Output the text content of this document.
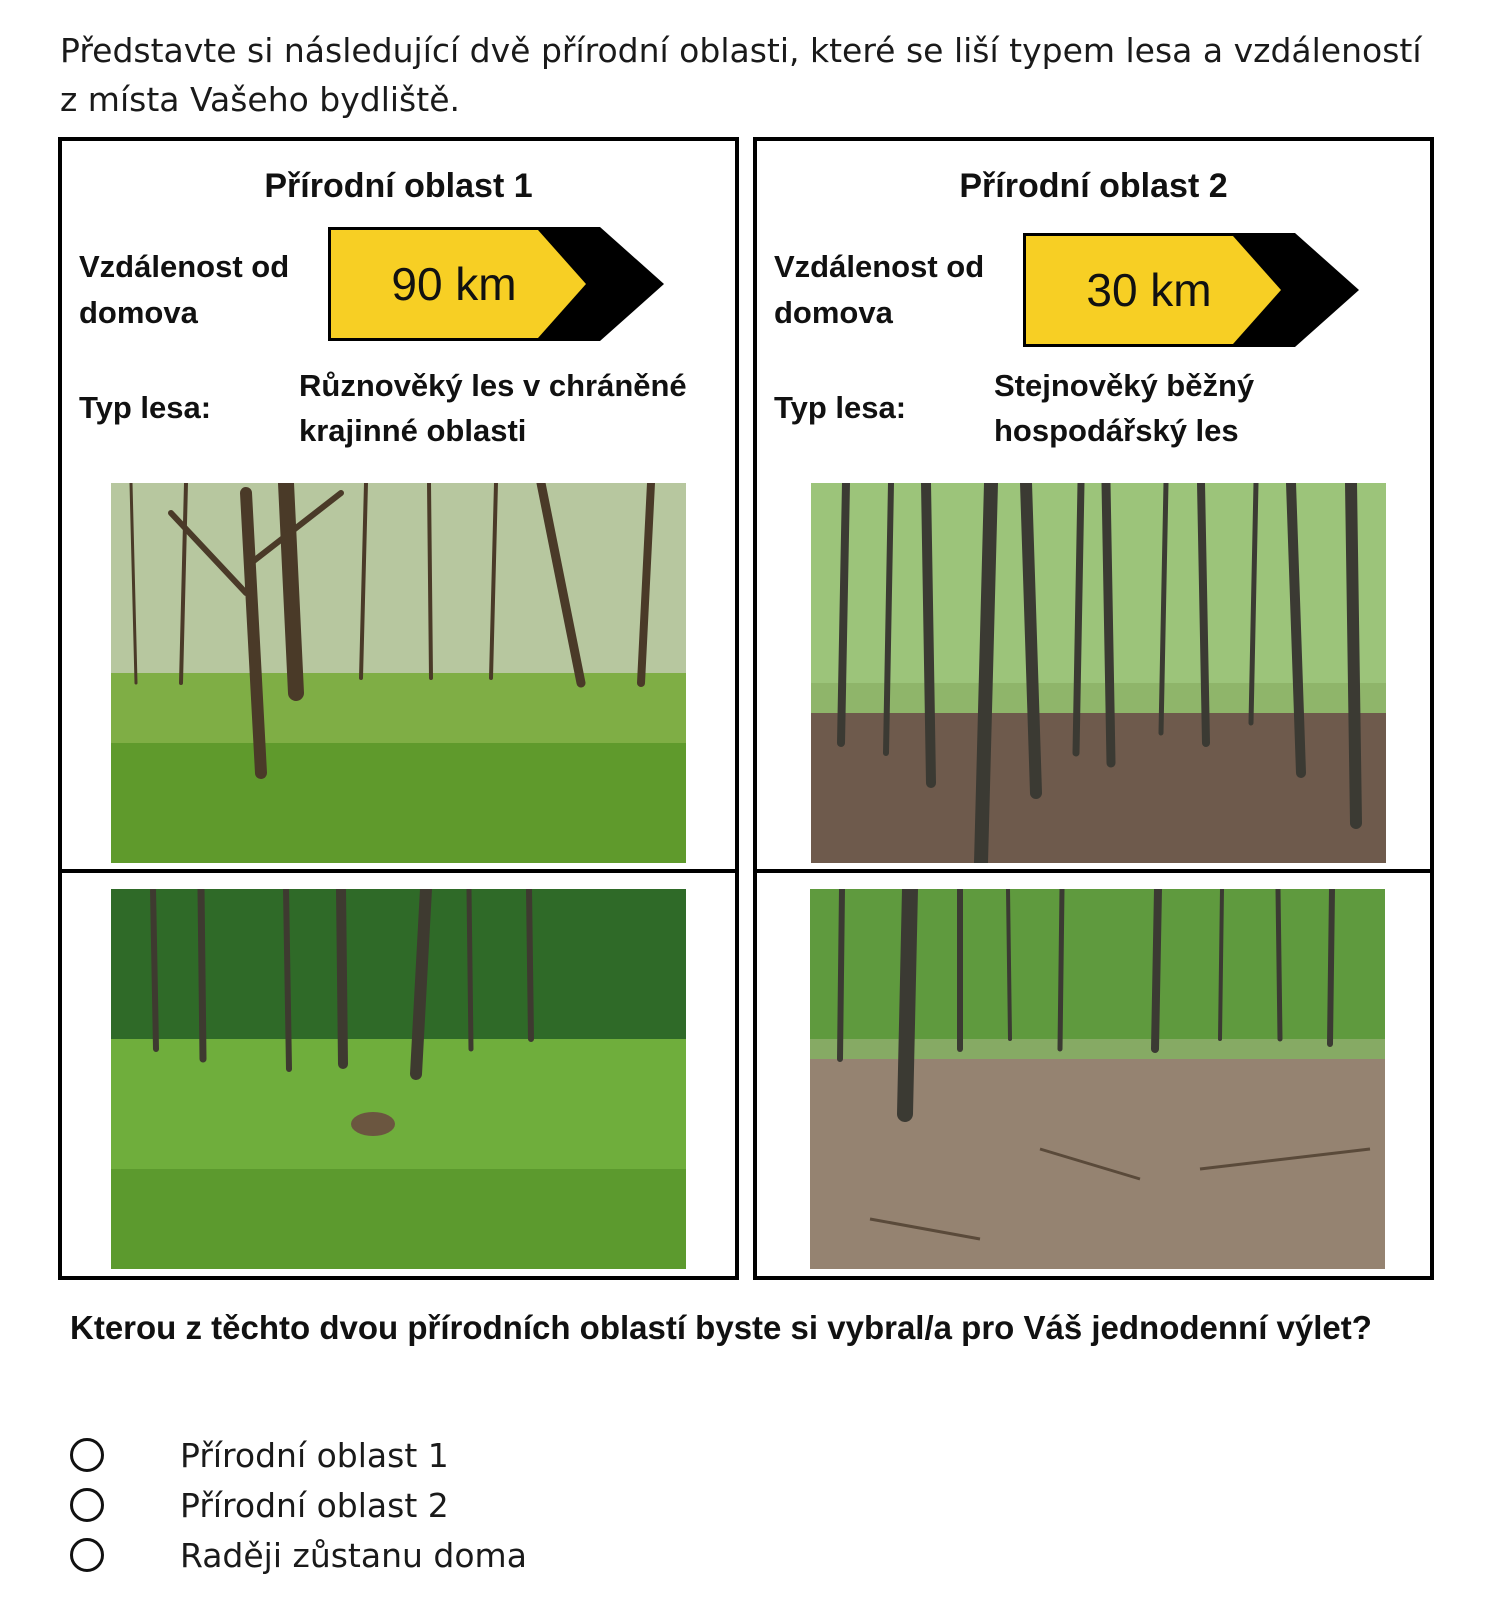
Představte si následující dvě přírodní oblasti, které se liší typem lesa a vzdáleností z místa Vašeho bydliště.
Přírodní oblast 1
Vzdálenost od domova
90 km
Typ lesa:
Různověký les v chráněné krajinné oblasti
Přírodní oblast 2
Vzdálenost od domova	30 km
Typ lesa:
Stejnověký běžný hospodářský les
Kterou z těchto dvou přírodních oblastí byste si vybral/a pro Váš jednodenní výlet?
Přírodní oblast 1
Přírodní oblast 2
Raději zůstanu doma
